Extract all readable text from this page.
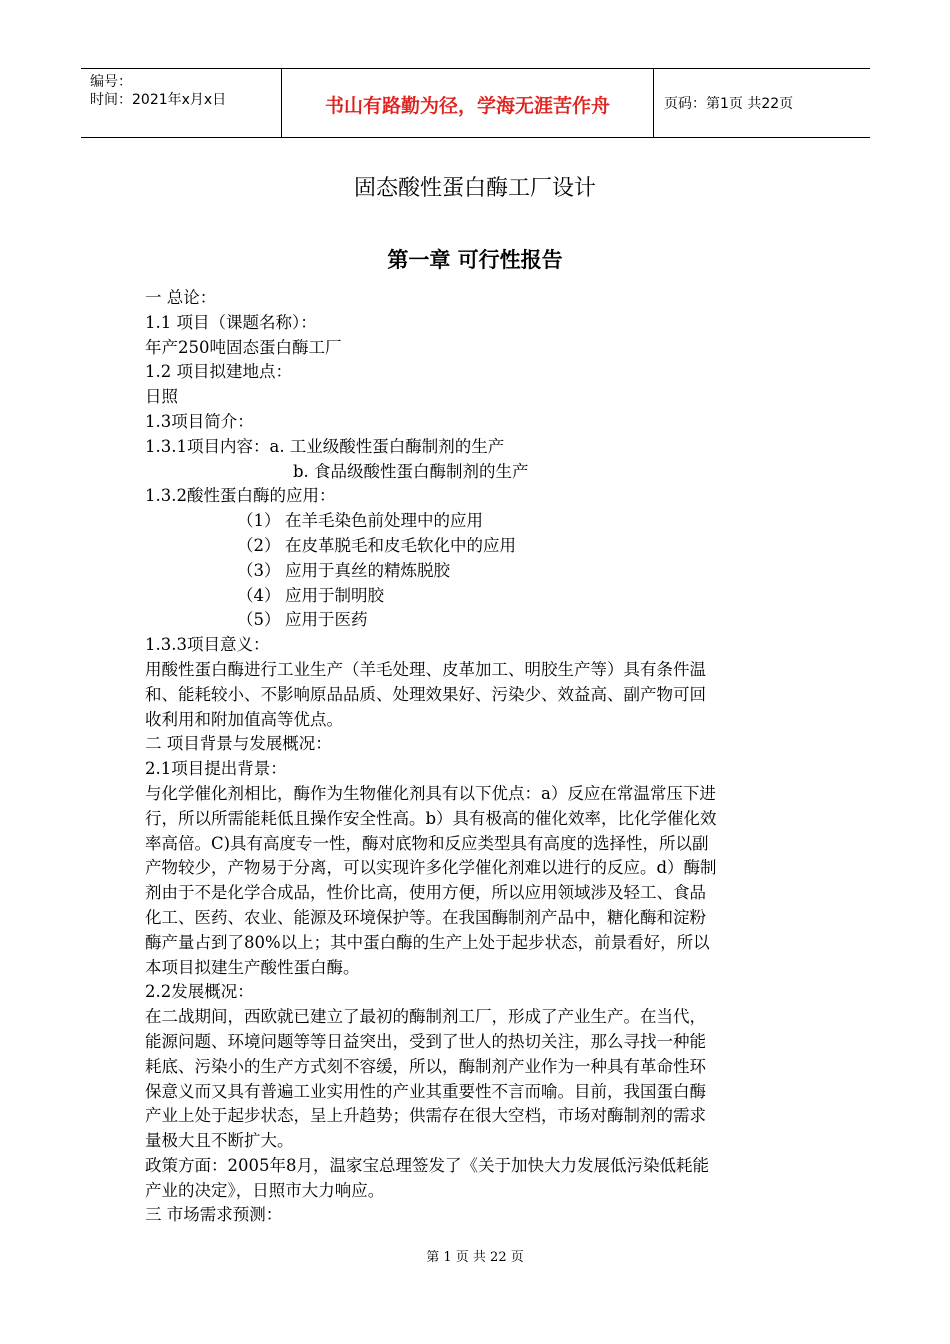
编号：
时间：2021年x月x日	书山有路勤为径，学海无涯苦作舟	页码：第1页 共22页
固态酸性蛋白酶工厂设计
第一章 可行性报告
一 总论：
1.1 项目（课题名称）：
年产250吨固态蛋白酶工厂
1.2 项目拟建地点：
日照
1.3项目简介：
1.3.1项目内容：a. 工业级酸性蛋白酶制剂的生产
b. 食品级酸性蛋白酶制剂的生产
1.3.2酸性蛋白酶的应用：
（1） 在羊毛染色前处理中的应用
（2） 在皮革脱毛和皮毛软化中的应用
（3） 应用于真丝的精炼脱胶
（4） 应用于制明胶
（5） 应用于医药
1.3.3项目意义：
用酸性蛋白酶进行工业生产（羊毛处理、皮革加工、明胶生产等）具有条件温
和、能耗较小、不影响原品品质、处理效果好、污染少、效益高、副产物可回
收利用和附加值高等优点。
二 项目背景与发展概况：
2.1项目提出背景：
与化学催化剂相比，酶作为生物催化剂具有以下优点：a）反应在常温常压下进
行，所以所需能耗低且操作安全性高。b）具有极高的催化效率，比化学催化效
率高倍。C)具有高度专一性，酶对底物和反应类型具有高度的选择性，所以副
产物较少，产物易于分离，可以实现许多化学催化剂难以进行的反应。d）酶制
剂由于不是化学合成品，性价比高，使用方便，所以应用领域涉及轻工、食品
化工、医药、农业、能源及环境保护等。在我国酶制剂产品中，糖化酶和淀粉
酶产量占到了80%以上；其中蛋白酶的生产上处于起步状态，前景看好，所以
本项目拟建生产酸性蛋白酶。
2.2发展概况：
在二战期间，西欧就已建立了最初的酶制剂工厂，形成了产业生产。在当代，
能源问题、环境问题等等日益突出，受到了世人的热切关注，那么寻找一种能
耗底、污染小的生产方式刻不容缓，所以，酶制剂产业作为一种具有革命性环
保意义而又具有普遍工业实用性的产业其重要性不言而喻。目前，我国蛋白酶
产业上处于起步状态，呈上升趋势；供需存在很大空档，市场对酶制剂的需求
量极大且不断扩大。
政策方面：2005年8月，温家宝总理签发了《关于加快大力发展低污染低耗能
产业的决定》，日照市大力响应。
三 市场需求预测：
第 1 页 共 22 页
